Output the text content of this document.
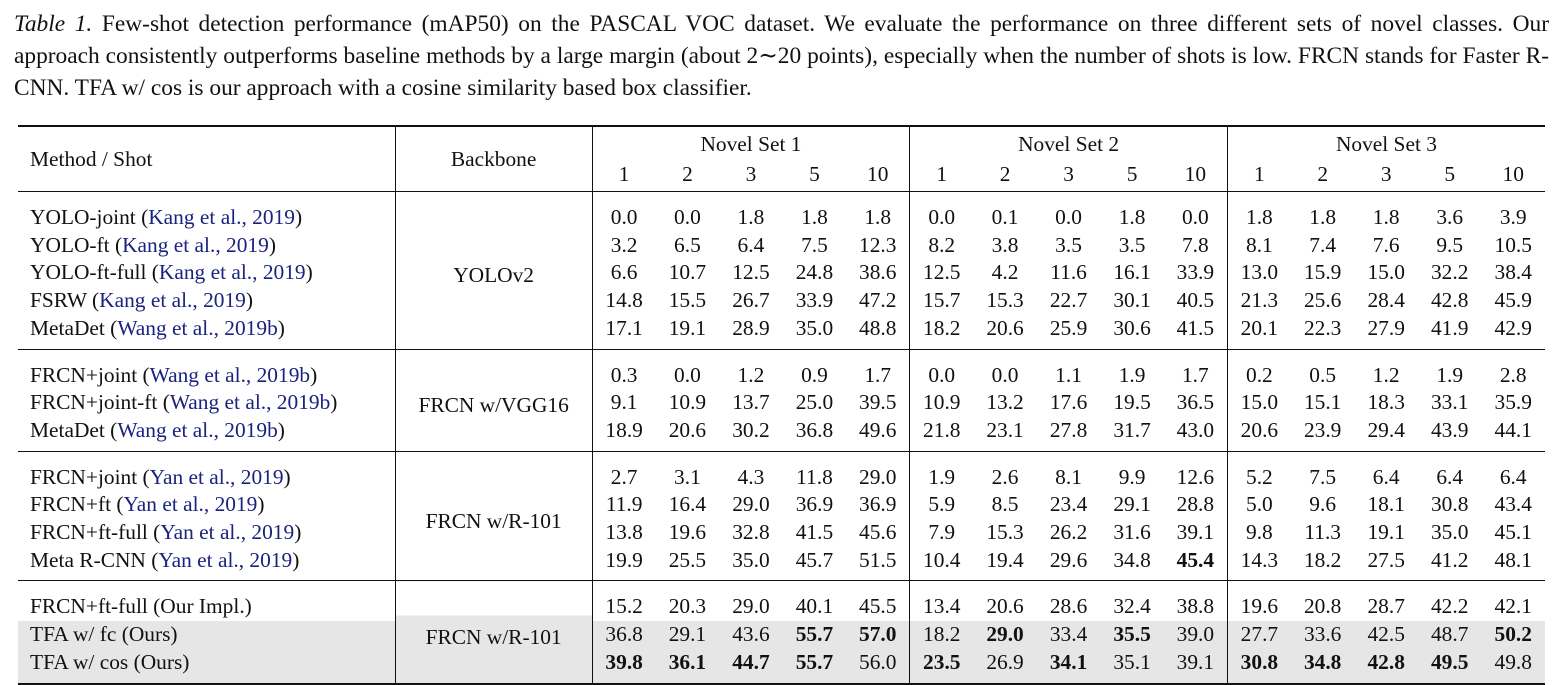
Table 1. Few-shot detection performance (mAP50) on the PASCAL VOC dataset. We evaluate the performance on three different sets of novel classes. Our approach consistently outperforms baseline methods by a large margin (about 2∼20 points), especially when the number of shots is low. FRCN stands for Faster R-CNN. TFA w/ cos is our approach with a cosine similarity based box classifier.
Method / Shot	Backbone	Novel Set 1					Novel Set 2					Novel Set 3				
		1	2	3	5	10	1	2	3	5	10	1	2	3	5	10
YOLO-joint (Kang et al., 2019)	YOLOv2	0.0	0.0	1.8	1.8	1.8	0.0	0.1	0.0	1.8	0.0	1.8	1.8	1.8	3.6	3.9
YOLO-ft (Kang et al., 2019)		3.2	6.5	6.4	7.5	12.3	8.2	3.8	3.5	3.5	7.8	8.1	7.4	7.6	9.5	10.5
YOLO-ft-full (Kang et al., 2019)		6.6	10.7	12.5	24.8	38.6	12.5	4.2	11.6	16.1	33.9	13.0	15.9	15.0	32.2	38.4
FSRW (Kang et al., 2019)		14.8	15.5	26.7	33.9	47.2	15.7	15.3	22.7	30.1	40.5	21.3	25.6	28.4	42.8	45.9
MetaDet (Wang et al., 2019b)		17.1	19.1	28.9	35.0	48.8	18.2	20.6	25.9	30.6	41.5	20.1	22.3	27.9	41.9	42.9
FRCN+joint (Wang et al., 2019b)	FRCN w/VGG16	0.3	0.0	1.2	0.9	1.7	0.0	0.0	1.1	1.9	1.7	0.2	0.5	1.2	1.9	2.8
FRCN+joint-ft (Wang et al., 2019b)		9.1	10.9	13.7	25.0	39.5	10.9	13.2	17.6	19.5	36.5	15.0	15.1	18.3	33.1	35.9
MetaDet (Wang et al., 2019b)		18.9	20.6	30.2	36.8	49.6	21.8	23.1	27.8	31.7	43.0	20.6	23.9	29.4	43.9	44.1
FRCN+joint (Yan et al., 2019)	FRCN w/R-101	2.7	3.1	4.3	11.8	29.0	1.9	2.6	8.1	9.9	12.6	5.2	7.5	6.4	6.4	6.4
FRCN+ft (Yan et al., 2019)		11.9	16.4	29.0	36.9	36.9	5.9	8.5	23.4	29.1	28.8	5.0	9.6	18.1	30.8	43.4
FRCN+ft-full (Yan et al., 2019)		13.8	19.6	32.8	41.5	45.6	7.9	15.3	26.2	31.6	39.1	9.8	11.3	19.1	35.0	45.1
Meta R-CNN (Yan et al., 2019)		19.9	25.5	35.0	45.7	51.5	10.4	19.4	29.6	34.8	45.4	14.3	18.2	27.5	41.2	48.1
FRCN+ft-full (Our Impl.)	FRCN w/R-101	15.2	20.3	29.0	40.1	45.5	13.4	20.6	28.6	32.4	38.8	19.6	20.8	28.7	42.2	42.1
TFA w/ fc (Ours)		36.8	29.1	43.6	55.7	57.0	18.2	29.0	33.4	35.5	39.0	27.7	33.6	42.5	48.7	50.2
TFA w/ cos (Ours)		39.8	36.1	44.7	55.7	56.0	23.5	26.9	34.1	35.1	39.1	30.8	34.8	42.8	49.5	49.8
